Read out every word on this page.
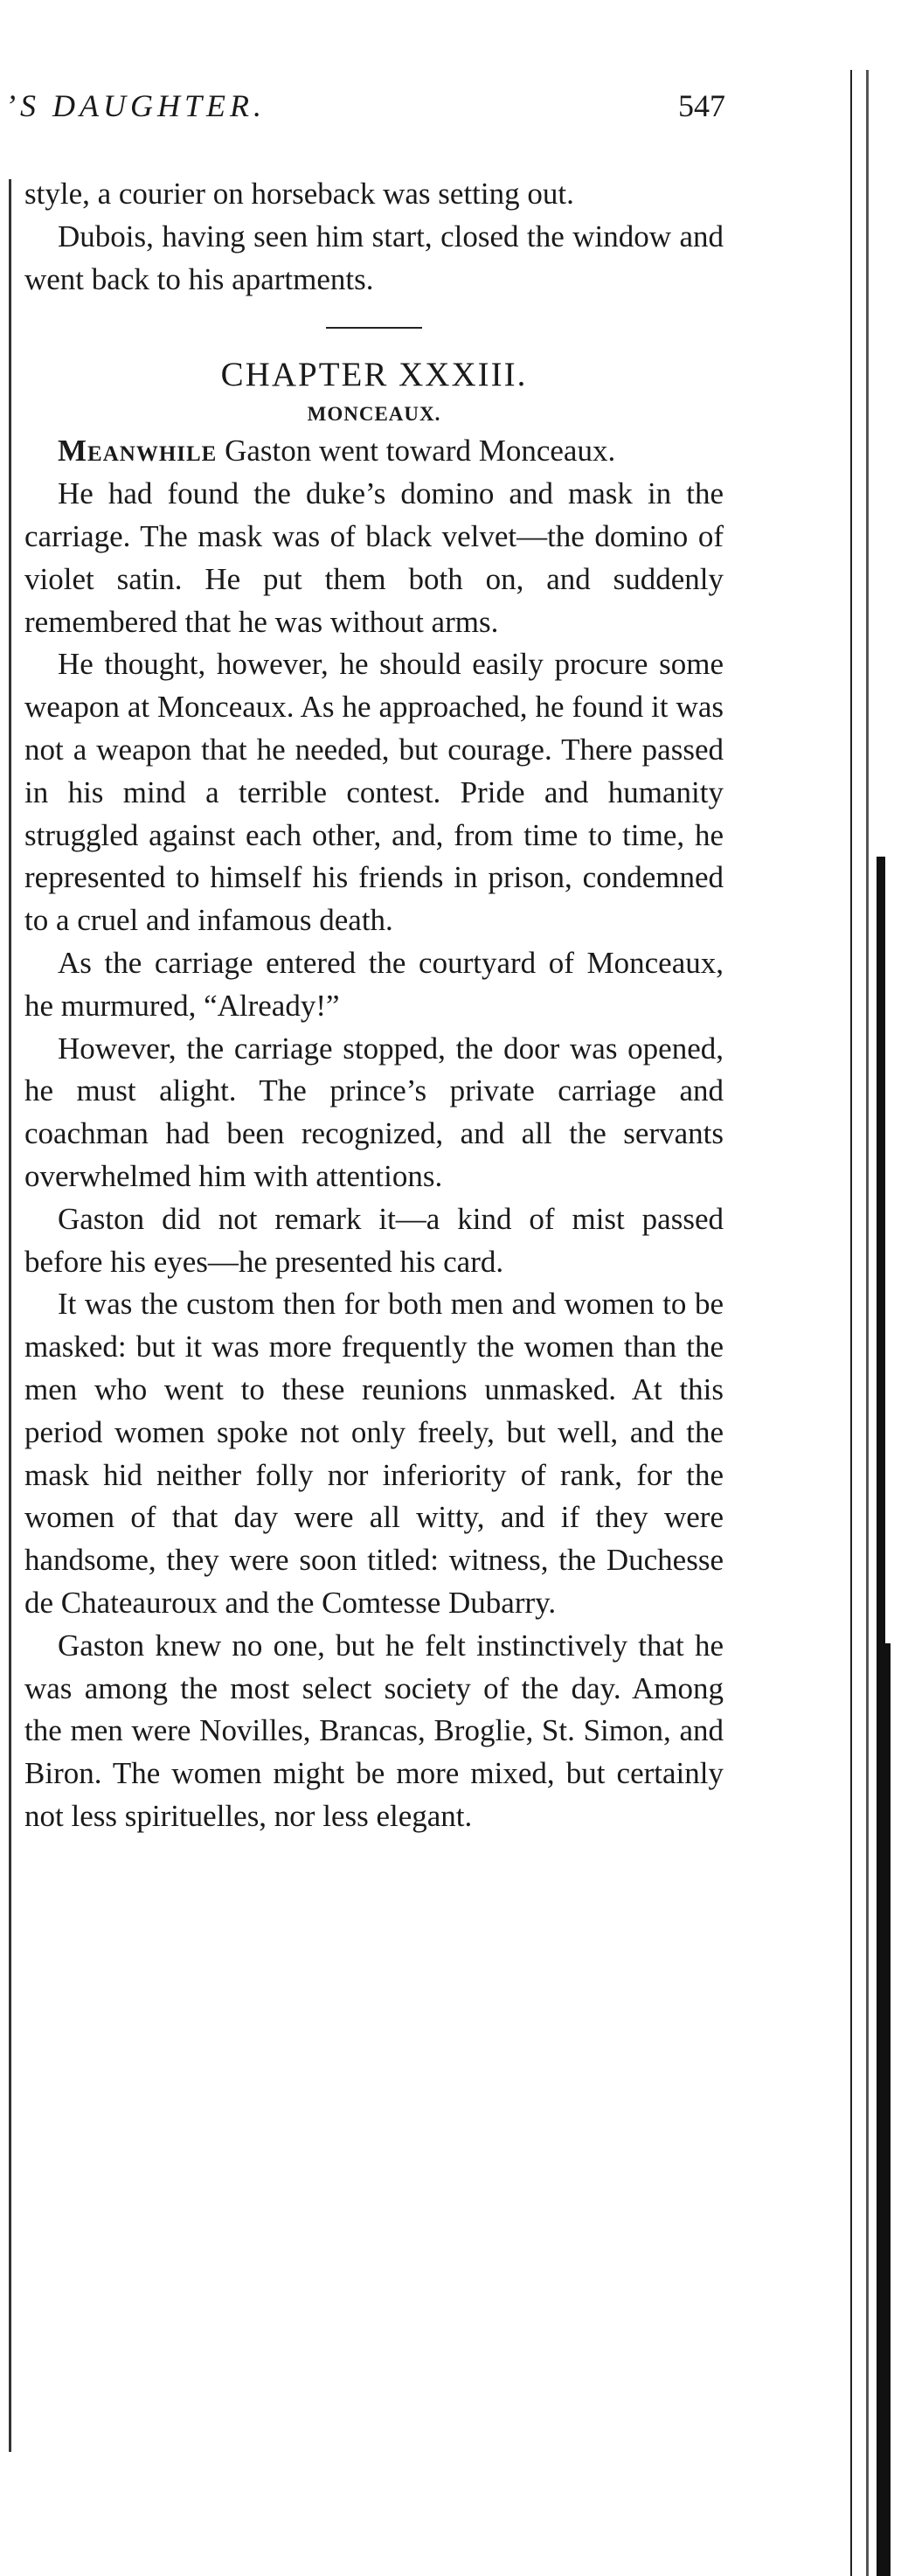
’S DAUGHTER.	547

style, a courier on horseback was setting out.

Dubois, having seen him start, closed the window and went back to his apartments.

CHAPTER XXXIII.
MONCEAUX.

Meanwhile Gaston went toward Monceaux.

He had found the duke’s domino and mask in the carriage. The mask was of black velvet—the domino of violet satin. He put them both on, and suddenly remembered that he was without arms.

He thought, however, he should easily procure some weapon at Monceaux. As he approached, he found it was not a weapon that he needed, but courage. There passed in his mind a terrible contest. Pride and humanity struggled against each other, and, from time to time, he represented to himself his friends in prison, condemned to a cruel and infamous death.

As the carriage entered the courtyard of Monceaux, he murmured, “Already!”

However, the carriage stopped, the door was opened, he must alight. The prince’s private carriage and coachman had been recognized, and all the servants overwhelmed him with attentions.

Gaston did not remark it—a kind of mist passed before his eyes—he presented his card.

It was the custom then for both men and women to be masked: but it was more frequently the women than the men who went to these reunions unmasked. At this period women spoke not only freely, but well, and the mask hid neither folly nor inferiority of rank, for the women of that day were all witty, and if they were handsome, they were soon titled: witness, the Duchesse de Chateauroux and the Comtesse Dubarry.

Gaston knew no one, but he felt instinctively that he was among the most select society of the day. Among the men were Novilles, Brancas, Broglie, St. Simon, and Biron. The women might be more mixed, but certainly not less spirituelles, nor less elegant.
